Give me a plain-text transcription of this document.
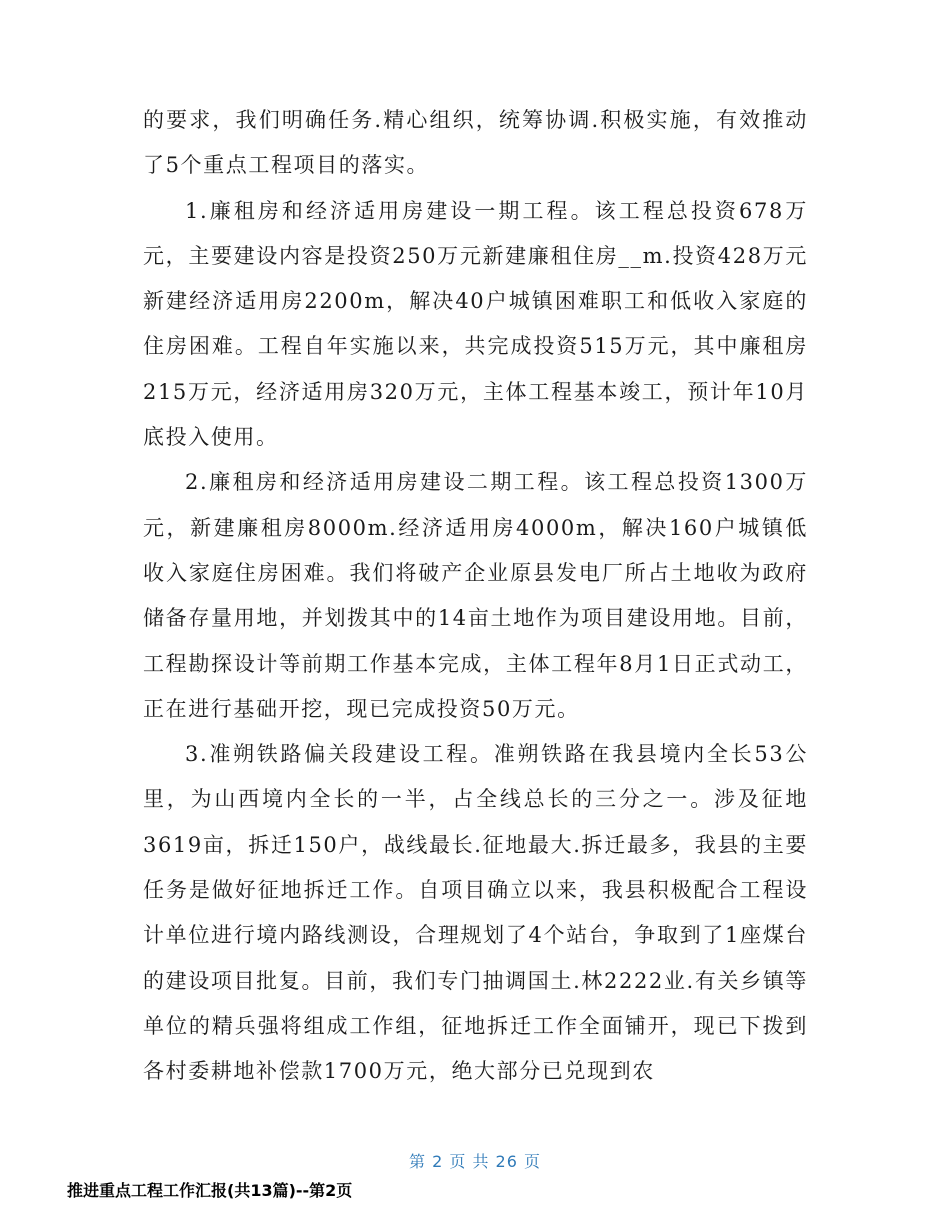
的要求，我们明确任务.精心组织，统筹协调.积极实施，有效推动了5个重点工程项目的落实。

1.廉租房和经济适用房建设一期工程。该工程总投资678万元，主要建设内容是投资250万元新建廉租住房__m.投资428万元新建经济适用房2200m，解决40户城镇困难职工和低收入家庭的住房困难。工程自年实施以来，共完成投资515万元，其中廉租房215万元，经济适用房320万元，主体工程基本竣工，预计年10月底投入使用。

2.廉租房和经济适用房建设二期工程。该工程总投资1300万元，新建廉租房8000m.经济适用房4000m，解决160户城镇低收入家庭住房困难。我们将破产企业原县发电厂所占土地收为政府储备存量用地，并划拨其中的14亩土地作为项目建设用地。目前，工程勘探设计等前期工作基本完成，主体工程年8月1日正式动工，正在进行基础开挖，现已完成投资50万元。

3.准朔铁路偏关段建设工程。准朔铁路在我县境内全长53公里，为山西境内全长的一半，占全线总长的三分之一。涉及征地3619亩，拆迁150户，战线最长.征地最大.拆迁最多，我县的主要任务是做好征地拆迁工作。自项目确立以来，我县积极配合工程设计单位进行境内路线测设，合理规划了4个站台，争取到了1座煤台的建设项目批复。目前，我们专门抽调国土.林2222业.有关乡镇等单位的精兵强将组成工作组，征地拆迁工作全面铺开，现已下拨到各村委耕地补偿款1700万元，绝大部分已兑现到农

第 2 页 共 26 页
推进重点工程工作汇报(共13篇)--第2页
